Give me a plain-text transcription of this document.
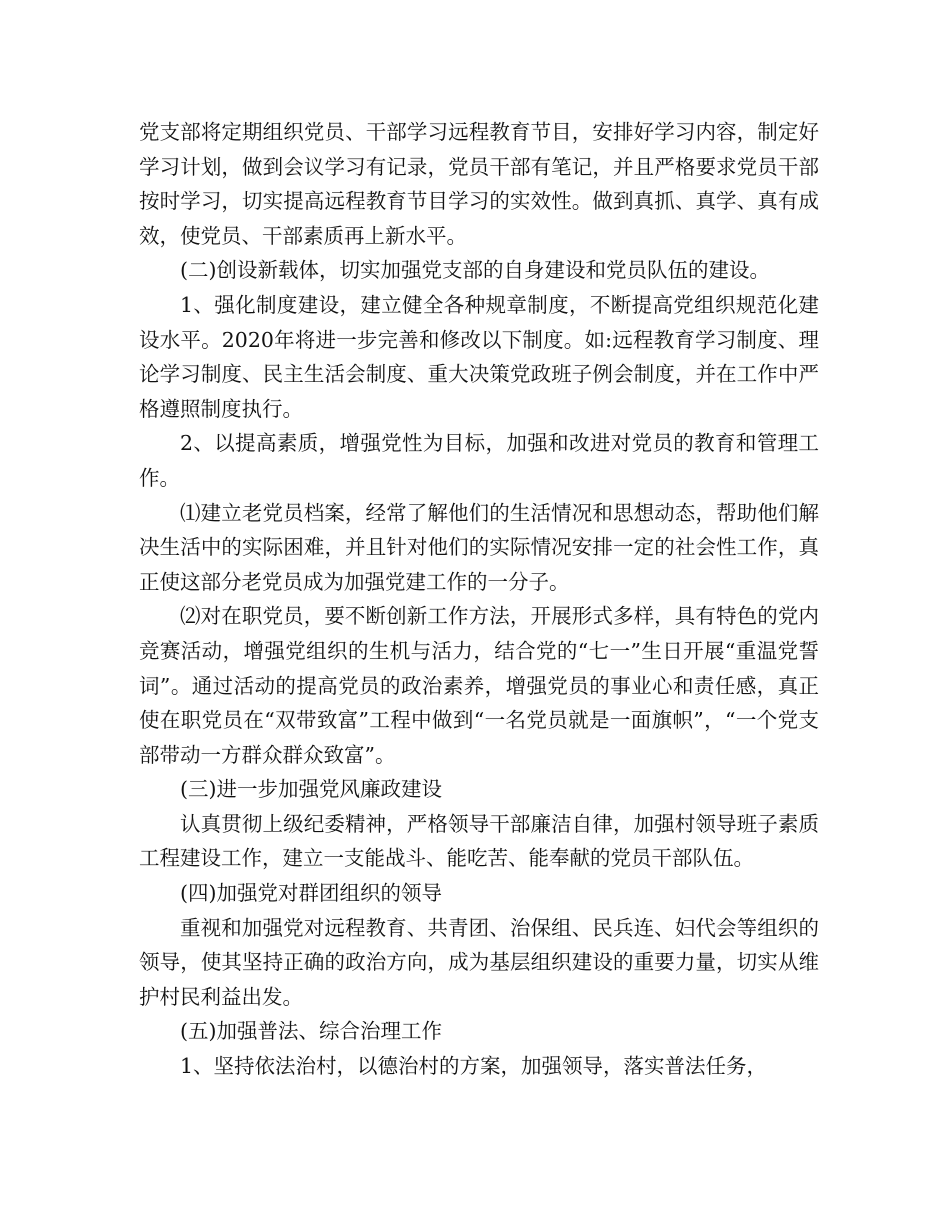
党支部将定期组织党员、干部学习远程教育节目，安排好学习内容，制定好学习计划，做到会议学习有记录，党员干部有笔记，并且严格要求党员干部按时学习，切实提高远程教育节目学习的实效性。做到真抓、真学、真有成效，使党员、干部素质再上新水平。

(二)创设新载体，切实加强党支部的自身建设和党员队伍的建设。

1、强化制度建设，建立健全各种规章制度，不断提高党组织规范化建设水平。2020年将进一步完善和修改以下制度。如:远程教育学习制度、理论学习制度、民主生活会制度、重大决策党政班子例会制度，并在工作中严格遵照制度执行。

2、以提高素质，增强党性为目标，加强和改进对党员的教育和管理工作。

⑴建立老党员档案，经常了解他们的生活情况和思想动态，帮助他们解决生活中的实际困难，并且针对他们的实际情况安排一定的社会性工作，真正使这部分老党员成为加强党建工作的一分子。

⑵对在职党员，要不断创新工作方法，开展形式多样，具有特色的党内竞赛活动，增强党组织的生机与活力，结合党的“七一”生日开展“重温党誓词”。通过活动的提高党员的政治素养，增强党员的事业心和责任感，真正使在职党员在“双带致富”工程中做到“一名党员就是一面旗帜”，“一个党支部带动一方群众群众致富”。

(三)进一步加强党风廉政建设

认真贯彻上级纪委精神，严格领导干部廉洁自律，加强村领导班子素质工程建设工作，建立一支能战斗、能吃苦、能奉献的党员干部队伍。

(四)加强党对群团组织的领导

重视和加强党对远程教育、共青团、治保组、民兵连、妇代会等组织的领导，使其坚持正确的政治方向，成为基层组织建设的重要力量，切实从维护村民利益出发。

(五)加强普法、综合治理工作

1、坚持依法治村，以德治村的方案，加强领导，落实普法任务，
